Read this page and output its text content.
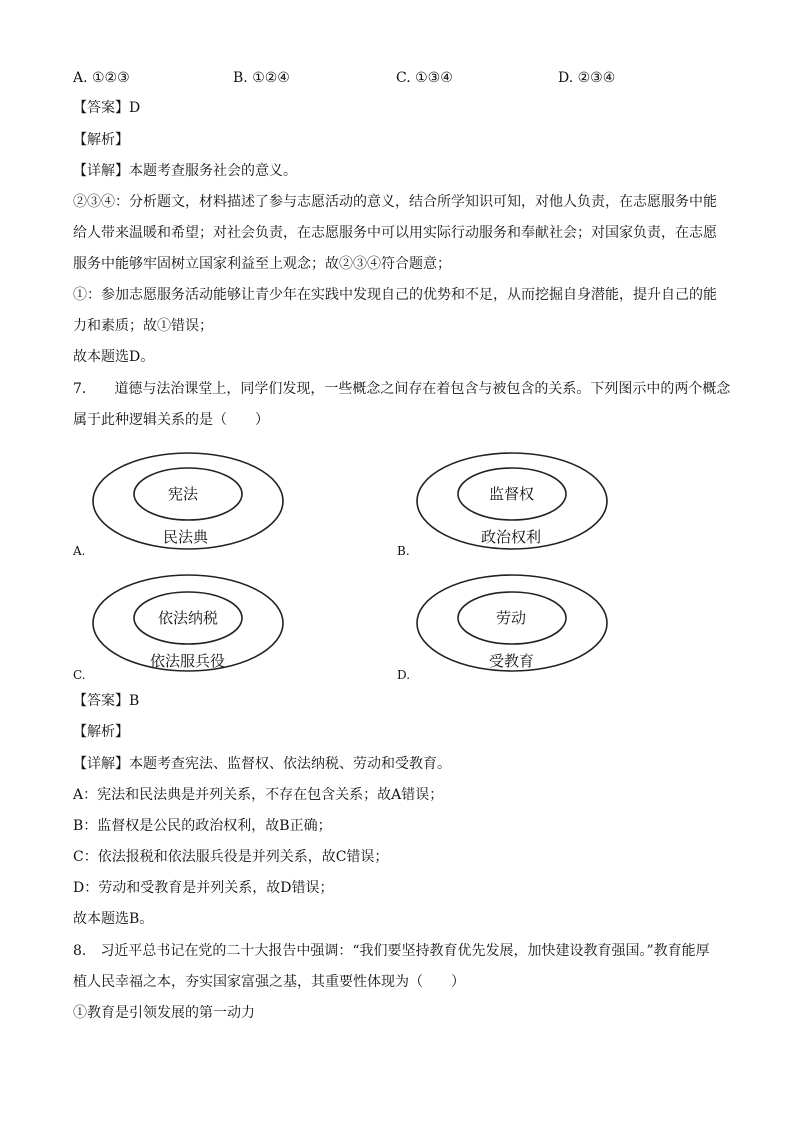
A. ①②③	B. ①②④	C. ①③④	D. ②③④
【答案】D
【解析】
【详解】本题考查服务社会的意义。
②③④：分析题文，材料描述了参与志愿活动的意义，结合所学知识可知，对他人负责，在志愿服务中能
给人带来温暖和希望；对社会负责，在志愿服务中可以用实际行动服务和奉献社会；对国家负责，在志愿
服务中能够牢固树立国家利益至上观念；故②③④符合题意；
①：参加志愿服务活动能够让青少年在实践中发现自己的优势和不足，从而挖掘自身潜能，提升自己的能
力和素质；故①错误；
故本题选D。
7.　　道德与法治课堂上，同学们发现，一些概念之间存在着包含与被包含的关系。下列图示中的两个概念
属于此种逻辑关系的是（　　）
宪法
民法典
A.
监督权
政治权利
B.
依法纳税
依法服兵役
C.
劳动
受教育
D.
【答案】B
【解析】
【详解】本题考查宪法、监督权、依法纳税、劳动和受教育。
A：宪法和民法典是并列关系，不存在包含关系；故A错误；
B：监督权是公民的政治权利，故B正确；
C：依法报税和依法服兵役是并列关系，故C错误；
D：劳动和受教育是并列关系，故D错误；
故本题选B。
8.　习近平总书记在党的二十大报告中强调：“我们要坚持教育优先发展，加快建设教育强国。”教育能厚
植人民幸福之本，夯实国家富强之基，其重要性体现为（　　）
①教育是引领发展的第一动力
